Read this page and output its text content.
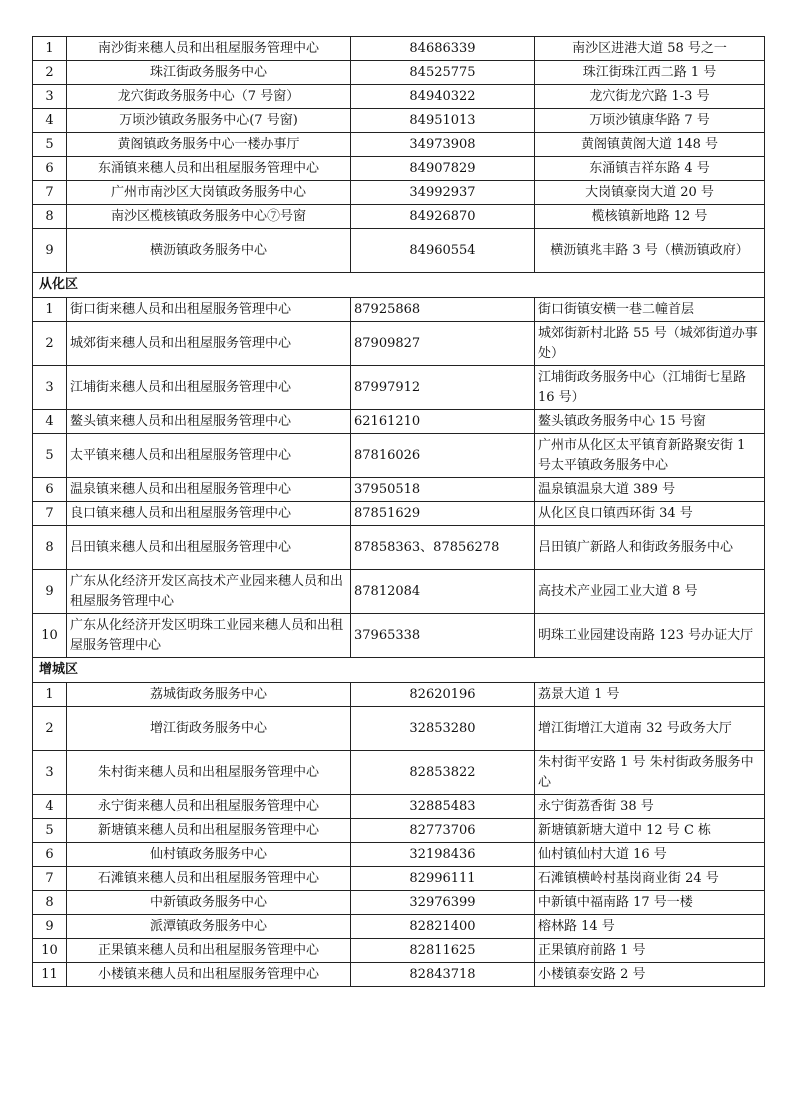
1	南沙街来穗人员和出租屋服务管理中心	84686339	南沙区进港大道 58 号之一
2	珠江街政务服务中心	84525775	珠江街珠江西二路 1 号
3	龙穴街政务服务中心（7 号窗）	84940322	龙穴街龙穴路 1-3 号
4	万顷沙镇政务服务中心(7 号窗)	84951013	万顷沙镇康华路 7 号
5	黄阁镇政务服务中心一楼办事厅	34973908	黄阁镇黄阁大道 148 号
6	东涌镇来穗人员和出租屋服务管理中心	84907829	东涌镇吉祥东路 4 号
7	广州市南沙区大岗镇政务服务中心	34992937	大岗镇豪岗大道 20 号
8	南沙区榄核镇政务服务中心⑦号窗	84926870	榄核镇新地路 12 号
9	横沥镇政务服务中心	84960554	横沥镇兆丰路 3 号（横沥镇政府）
从化区			
1	街口街来穗人员和出租屋服务管理中心	87925868	街口街镇安横一巷二幢首层
2	城郊街来穗人员和出租屋服务管理中心	87909827	城郊街新村北路 55 号（城郊街道办事处）
3	江埔街来穗人员和出租屋服务管理中心	87997912	江埔街政务服务中心（江埔街七星路 16 号）
4	鳌头镇来穗人员和出租屋服务管理中心	62161210	鳌头镇政务服务中心 15 号窗
5	太平镇来穗人员和出租屋服务管理中心	87816026	广州市从化区太平镇育新路聚安街 1 号太平镇政务服务中心
6	温泉镇来穗人员和出租屋服务管理中心	37950518	温泉镇温泉大道 389 号
7	良口镇来穗人员和出租屋服务管理中心	87851629	从化区良口镇西环街 34 号
8	吕田镇来穗人员和出租屋服务管理中心	87858363、87856278	吕田镇广新路人和街政务服务中心
9	广东从化经济开发区高技术产业园来穗人员和出租屋服务管理中心	87812084	高技术产业园工业大道 8 号
10	广东从化经济开发区明珠工业园来穗人员和出租屋服务管理中心	37965338	明珠工业园建设南路 123 号办证大厅
增城区			
1	荔城街政务服务中心	82620196	荔景大道 1 号
2	增江街政务服务中心	32853280	增江街增江大道南 32 号政务大厅
3	朱村街来穗人员和出租屋服务管理中心	82853822	朱村街平安路 1 号 朱村街政务服务中心
4	永宁街来穗人员和出租屋服务管理中心	32885483	永宁街荔香街 38 号
5	新塘镇来穗人员和出租屋服务管理中心	82773706	新塘镇新塘大道中 12 号 C 栋
6	仙村镇政务服务中心	32198436	仙村镇仙村大道 16 号
7	石滩镇来穗人员和出租屋服务管理中心	82996111	石滩镇横岭村基岗商业街 24 号
8	中新镇政务服务中心	32976399	中新镇中福南路 17 号一楼
9	派潭镇政务服务中心	82821400	榕林路 14 号
10	正果镇来穗人员和出租屋服务管理中心	82811625	正果镇府前路 1 号
11	小楼镇来穗人员和出租屋服务管理中心	82843718	小楼镇泰安路 2 号
